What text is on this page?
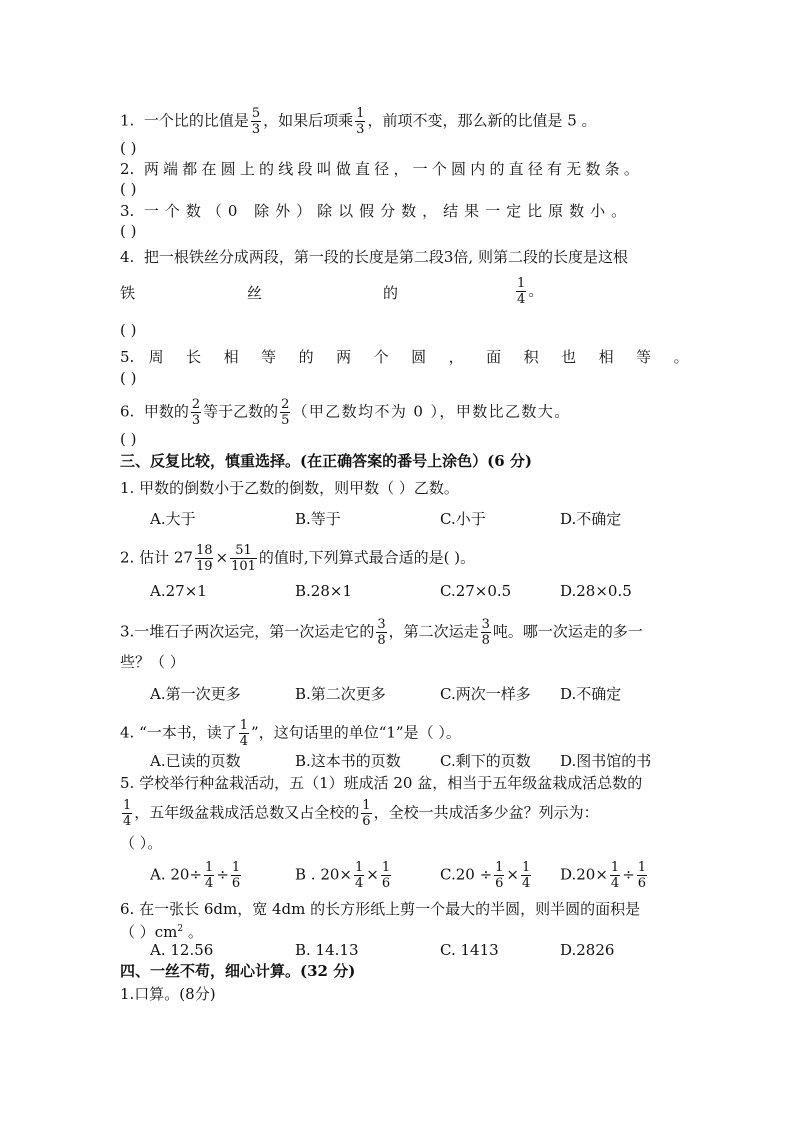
1. 一个比的比值是 $\frac{5}{3}$ ，如果后项乘 $\frac{1}{3}$ ，前项不变，那么新的比值是 5 。
( )
2. 两端都在圆上的线段叫做直径，一个圆内的直径有无数条。
( )
3. 一个数（0 除外）除以假分数，结果一定比原数小。
( )
4. 把一根铁丝分成两段，第一段的长度是第二段3倍, 则第二段的长度是这根
铁	丝	的	$\frac{1}{4}$ 。
( )
5. 周长相等的两个圆，面积也相等。
( )
6. 甲数的 $\frac{2}{3}$ 等于乙数的 $\frac{2}{5}$ （甲乙数均不为 0 ），甲数比乙数大。
( )
三、反复比较，慎重选择。(在正确答案的番号上涂色）(6 分)
1. 甲数的倒数小于乙数的倒数，则甲数（ ）乙数。
A.大于	B.等于	C.小于	D.不确定
2. 估计 $27 \frac{18}{19} \times \frac{51}{101}$ 的值时,下列算式最合适的是( )。
A.27×1	B.28×1	C.27×0.5	D.28×0.5
3.一堆石子两次运完，第一次运走它的 $\frac{3}{8}$ ，第二次运走 $\frac{3}{8}$ 吨。哪一次运走的多一
些？（ ）
A.第一次更多	B.第二次更多	C.两次一样多 D.不确定
4. “一本书，读了 $\frac{1}{4}$ ”，这句话里的单位“1”是（ ）。
A.已读的页数	B.这本书的页数	C.剩下的页数 D.图书馆的书
5. 学校举行种盆栽活动，五（1）班成活 20 盆，相当于五年级盆栽成活总数的
$\frac{1}{4}$ ，五年级盆栽成活总数又占全校的 $\frac{1}{6}$ ，全校一共成活多少盆？列示为：
（ ）。
A. $20\div \frac{1}{4} \div \frac{1}{6}$	B . $20\times \frac{1}{4} \times \frac{1}{6}$	$C.20 \div \frac{1}{6} \times \frac{1}{4} D.20\times \frac{1}{4} \div \frac{1}{6}$
6. 在一张长 6dm，宽 4dm 的长方形纸上剪一个最大的半圆，则半圆的面积是
（ ）$cm^2$ 。
A. 12.56	B. 14.13	C. 1413	D.2826
四、一丝不苟，细心计算。(32 分)
1.口算。(8分)
